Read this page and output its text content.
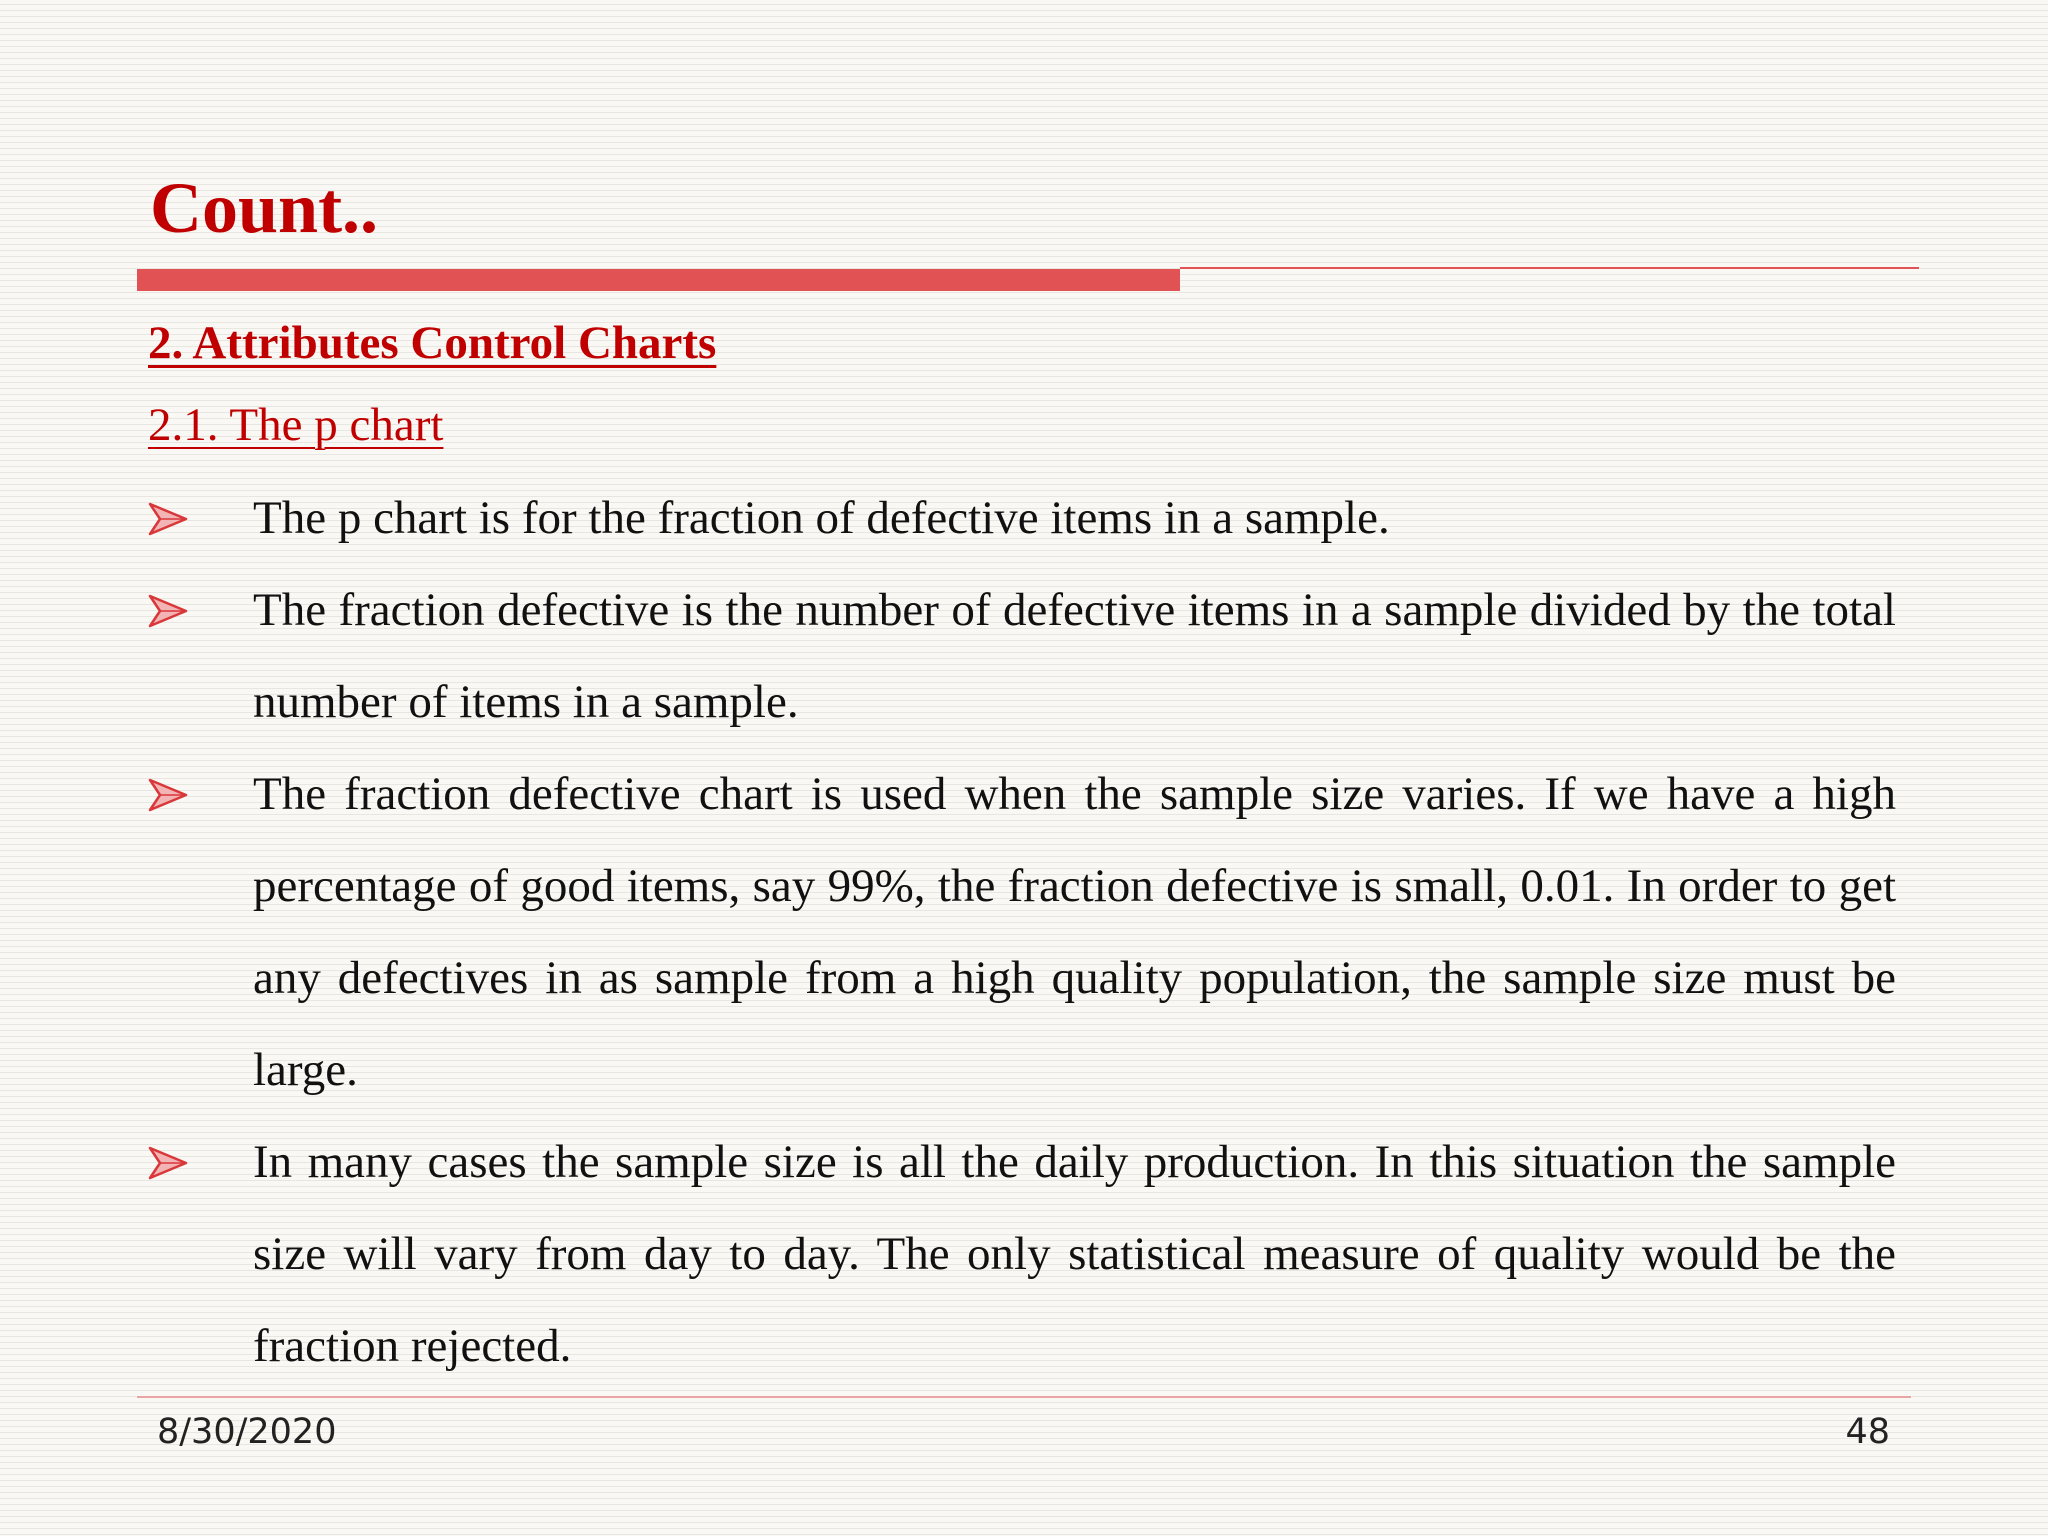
Count..
2. Attributes Control Charts
2.1. The p chart
The p chart is for the fraction of defective items in a sample.
The fraction defective is the number of defective items in a sample divided by the total number of items in a sample.
The fraction defective chart is used when the sample size varies. If we have a high percentage of good items, say 99%, the fraction defective is small, 0.01. In order to get any defectives in as sample from a high quality population, the sample size must be large.
In many cases the sample size is all the daily production. In this situation the sample size will vary from day to day. The only statistical measure of quality would be the fraction rejected.
8/30/2020	48
